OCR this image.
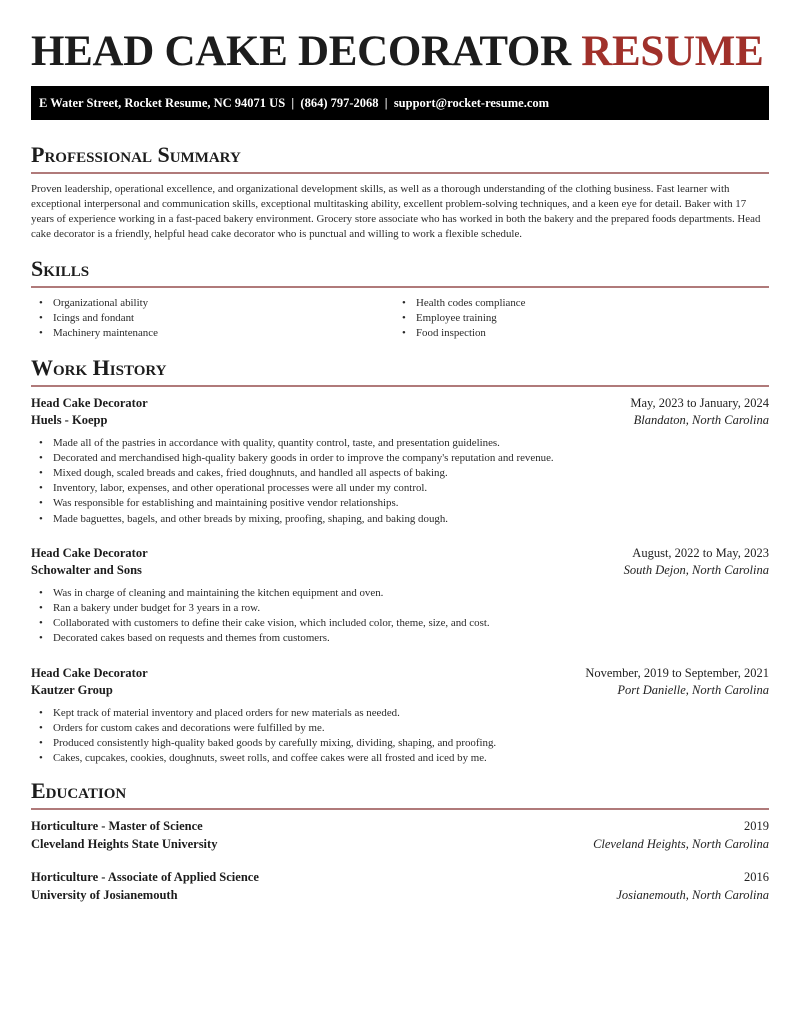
HEAD CAKE DECORATOR RESUME
E Water Street, Rocket Resume, NC 94071 US | (864) 797-2068 | support@rocket-resume.com
Professional Summary

Proven leadership, operational excellence, and organizational development skills, as well as a thorough understanding of the clothing business. Fast learner with exceptional interpersonal and communication skills, exceptional multitasking ability, excellent problem-solving techniques, and a keen eye for detail. Baker with 17 years of experience working in a fast-paced bakery environment. Grocery store associate who has worked in both the bakery and the prepared foods departments. Head cake decorator is a friendly, helpful head cake decorator who is punctual and willing to work a flexible schedule.

Skills
• Organizational ability
• Icings and fondant
• Machinery maintenance
• Health codes compliance
• Employee training
• Food inspection
Work History
Head Cake Decorator	May, 2023 to January, 2024
Huels - Koepp	Blandaton, North Carolina
• Made all of the pastries in accordance with quality, quantity control, taste, and presentation guidelines.
• Decorated and merchandised high-quality bakery goods in order to improve the company's reputation and revenue.
• Mixed dough, scaled breads and cakes, fried doughnuts, and handled all aspects of baking.
• Inventory, labor, expenses, and other operational processes were all under my control.
• Was responsible for establishing and maintaining positive vendor relationships.
• Made baguettes, bagels, and other breads by mixing, proofing, shaping, and baking dough.
Head Cake Decorator	August, 2022 to May, 2023
Schowalter and Sons	South Dejon, North Carolina
• Was in charge of cleaning and maintaining the kitchen equipment and oven.
• Ran a bakery under budget for 3 years in a row.
• Collaborated with customers to define their cake vision, which included color, theme, size, and cost.
• Decorated cakes based on requests and themes from customers.
Head Cake Decorator	November, 2019 to September, 2021
Kautzer Group	Port Danielle, North Carolina
• Kept track of material inventory and placed orders for new materials as needed.
• Orders for custom cakes and decorations were fulfilled by me.
• Produced consistently high-quality baked goods by carefully mixing, dividing, shaping, and proofing.
• Cakes, cupcakes, cookies, doughnuts, sweet rolls, and coffee cakes were all frosted and iced by me.
Education
Horticulture - Master of Science	2019
Cleveland Heights State University	Cleveland Heights, North Carolina
Horticulture - Associate of Applied Science	2016
University of Josianemouth	Josianemouth, North Carolina
